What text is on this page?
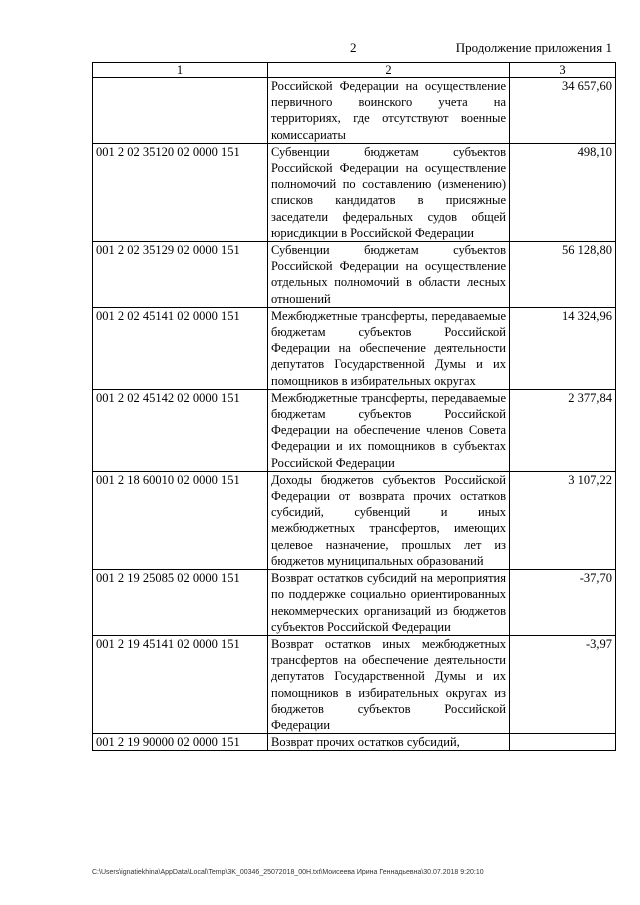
2	Продолжение приложения 1
1	2	3
	Российской Федерации на осуществление первичного воинского учета на территориях, где отсутствуют военные комиссариаты	34 657,60
001 2 02 35120 02 0000 151	Субвенции бюджетам субъектов Российской Федерации на осуществление полномочий по составлению (изменению) списков кандидатов в присяжные заседатели федеральных судов общей юрисдикции в Российской Федерации	498,10
001 2 02 35129 02 0000 151	Субвенции бюджетам субъектов Российской Федерации на осуществление отдельных полномочий в области лесных отношений	56 128,80
001 2 02 45141 02 0000 151	Межбюджетные трансферты, передаваемые бюджетам субъектов Российской Федерации на обеспечение деятельности депутатов Государственной Думы и их помощников в избирательных округах	14 324,96
001 2 02 45142 02 0000 151	Межбюджетные трансферты, передаваемые бюджетам субъектов Российской Федерации на обеспечение членов Совета Федерации и их помощников в субъектах Российской Федерации	2 377,84
001 2 18 60010 02 0000 151	Доходы бюджетов субъектов Российской Федерации от возврата прочих остатков субсидий, субвенций и иных межбюджетных трансфертов, имеющих целевое назначение, прошлых лет из бюджетов муниципальных образований	3 107,22
001 2 19 25085 02 0000 151	Возврат остатков субсидий на мероприятия по поддержке социально ориентированных некоммерческих организаций из бюджетов субъектов Российской Федерации	-37,70
001 2 19 45141 02 0000 151	Возврат остатков иных межбюджетных трансфертов на обеспечение деятельности депутатов Государственной Думы и их помощников в избирательных округах из бюджетов субъектов Российской Федерации	-3,97
001 2 19 90000 02 0000 151	Возврат прочих остатков субсидий,	
C:\Users\ignatiekhina\AppData\Local\Temp\3K_00346_25072018_00H.txt\Моисеева Ирина Геннадьевна\30.07.2018 9:20:10
